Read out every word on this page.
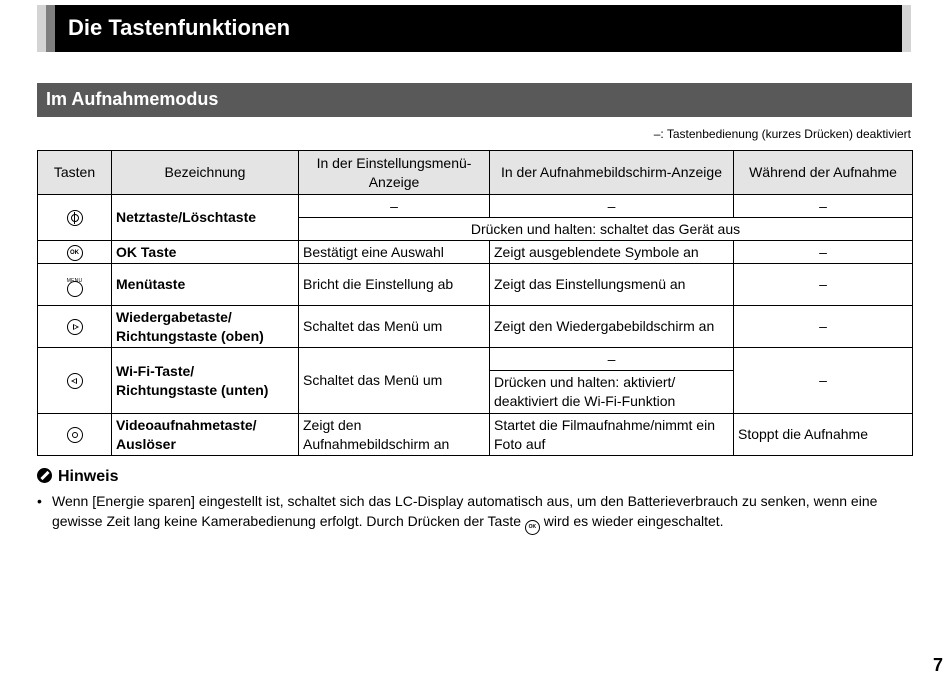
Die Tastenfunktionen
Im Aufnahmemodus
–: Tastenbedienung (kurzes Drücken) deaktiviert
Tasten	Bezeichnung	In der Einstellungsmenü-Anzeige	In der Aufnahmebildschirm-Anzeige	Während der Aufnahme
	Netztaste/Löschtaste	–	–	–
		Drücken und halten: schaltet das Gerät aus		
OK	OK Taste	Bestätigt eine Auswahl	Zeigt ausgeblendete Symbole an	–

MENU	Menütaste	Bricht die Einstellung ab	Zeigt das Einstellungsmenü an	–
	Wiedergabetaste/ Richtungstaste (oben)	Schaltet das Menü um	Zeigt den Wiedergabebildschirm an	–
	Wi-Fi-Taste/ Richtungstaste (unten)	Schaltet das Menü um	–	–
			Drücken und halten: aktiviert/ deaktiviert die Wi-Fi-Funktion	
	Videoaufnahmetaste/ Auslöser	Zeigt den Aufnahmebildschirm an	Startet die Filmaufnahme/nimmt ein Foto auf	Stoppt die Aufnahme
Hinweis
• Wenn [Energie sparen] eingestellt ist, schaltet sich das LC-Display automatisch aus, um den Batterieverbrauch zu senken, wenn eine gewisse Zeit lang keine Kamerabedienung erfolgt. Durch Drücken der Taste OK wird es wieder eingeschaltet.
7
